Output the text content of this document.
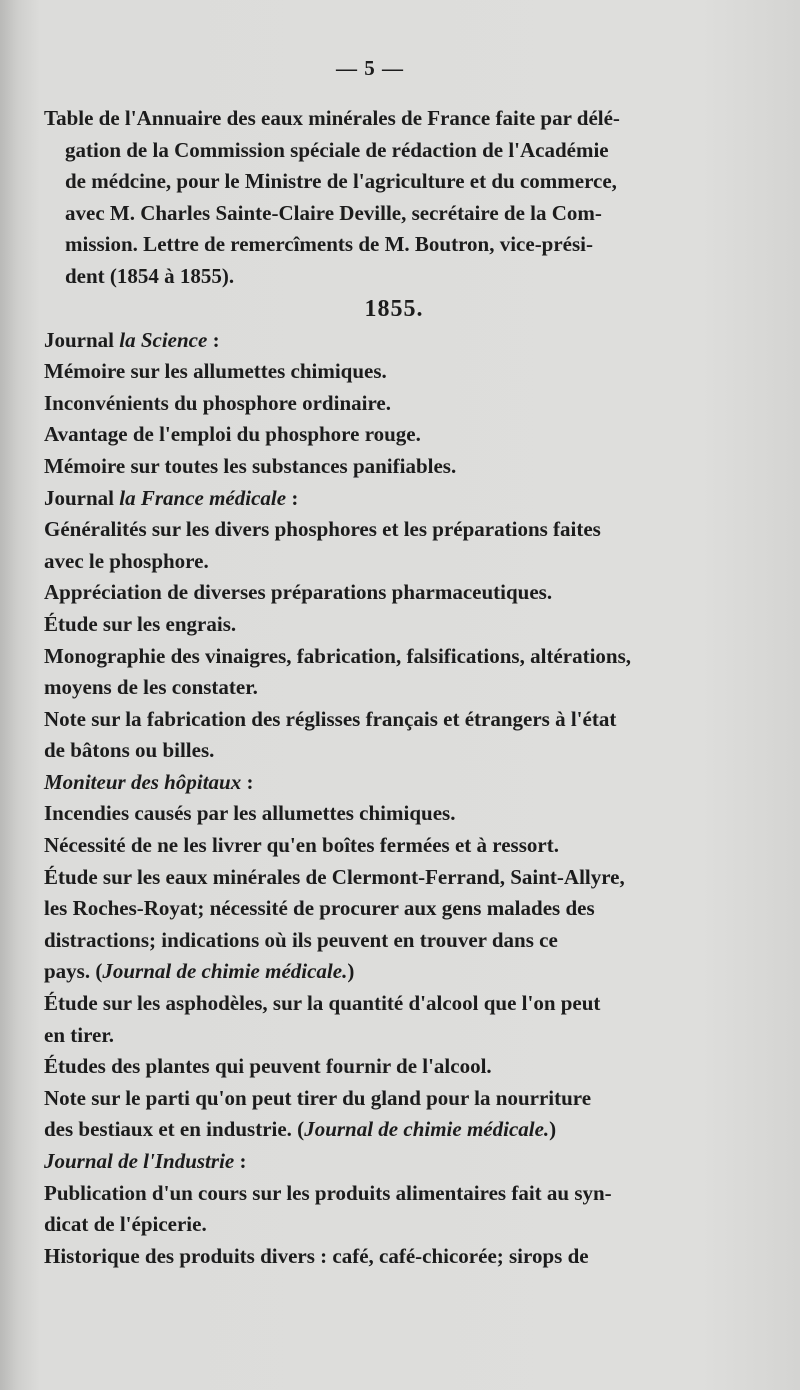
— 5 —

Table de l'Annuaire des eaux minérales de France faite par délé-
gation de la Commission spéciale de rédaction de l'Académie
de médcine, pour le Ministre de l'agriculture et du commerce,
avec M. Charles Sainte-Claire Deville, secrétaire de la Com-
mission. Lettre de remercîments de M. Boutron, vice-prési-
dent (1854 à 1855).

1855.

Journal la Science :

Mémoire sur les allumettes chimiques.

Inconvénients du phosphore ordinaire.

Avantage de l'emploi du phosphore rouge.

Mémoire sur toutes les substances panifiables.

Journal la France médicale :

Généralités sur les divers phosphores et les préparations faites
avec le phosphore.

Appréciation de diverses préparations pharmaceutiques.

Étude sur les engrais.

Monographie des vinaigres, fabrication, falsifications, altérations,
moyens de les constater.

Note sur la fabrication des réglisses français et étrangers à l'état
de bâtons ou billes.

Moniteur des hôpitaux :

Incendies causés par les allumettes chimiques.

Nécessité de ne les livrer qu'en boîtes fermées et à ressort.

Étude sur les eaux minérales de Clermont-Ferrand, Saint-Allyre,
les Roches-Royat; nécessité de procurer aux gens malades des
distractions; indications où ils peuvent en trouver dans ce
pays. (Journal de chimie médicale.)

Étude sur les asphodèles, sur la quantité d'alcool que l'on peut
en tirer.

Études des plantes qui peuvent fournir de l'alcool.

Note sur le parti qu'on peut tirer du gland pour la nourriture
des bestiaux et en industrie. (Journal de chimie médicale.)

Journal de l'Industrie :

Publication d'un cours sur les produits alimentaires fait au syn-
dicat de l'épicerie.

Historique des produits divers : café, café-chicorée; sirops de
